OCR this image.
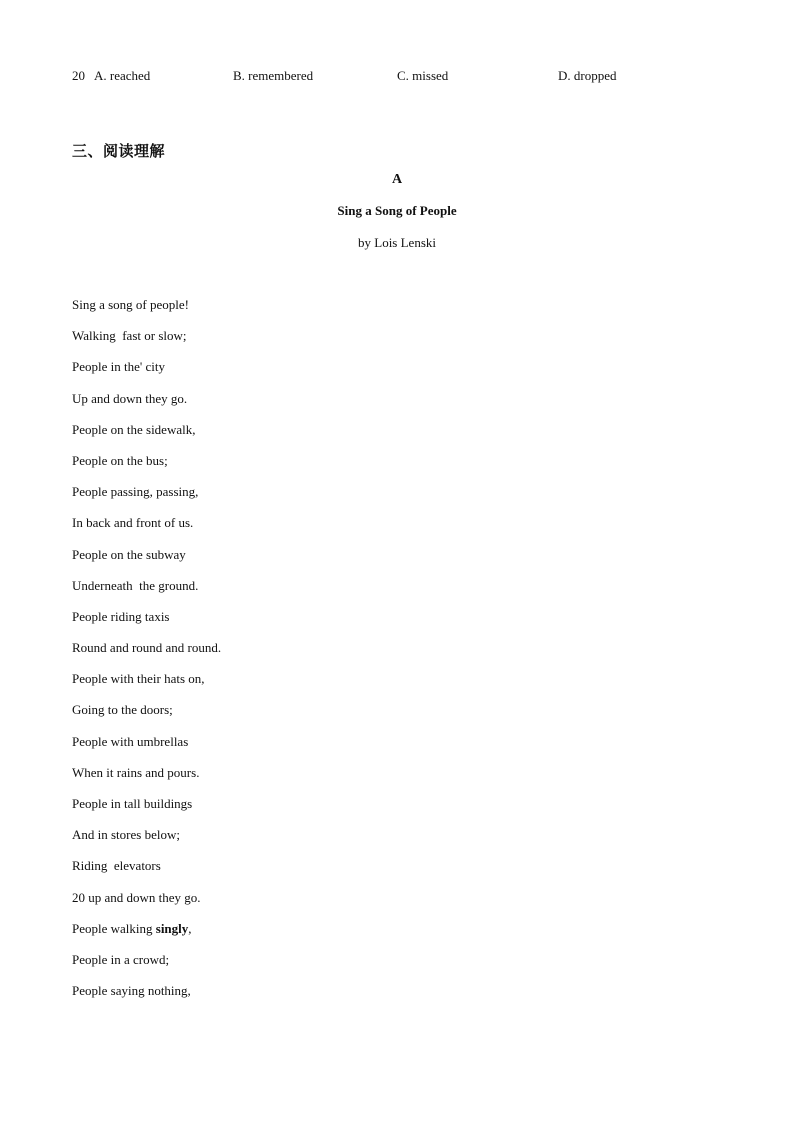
20 A. reached	B. remembered	C. missed	D. dropped
三、阅读理解
A
Sing a Song of People
by Lois Lenski
Sing a song of people!
Walking  fast or slow;
People in the' city
Up and down they go.
People on the sidewalk,
People on the bus;
People passing, passing,
In back and front of us.
People on the subway
Underneath  the ground.
People riding taxis
Round and round and round.
People with their hats on,
Going to the doors;
People with umbrellas
When it rains and pours.
People in tall buildings
And in stores below;
Riding  elevators
20 up and down they go.
People walking singly,
People in a crowd;
People saying nothing,
